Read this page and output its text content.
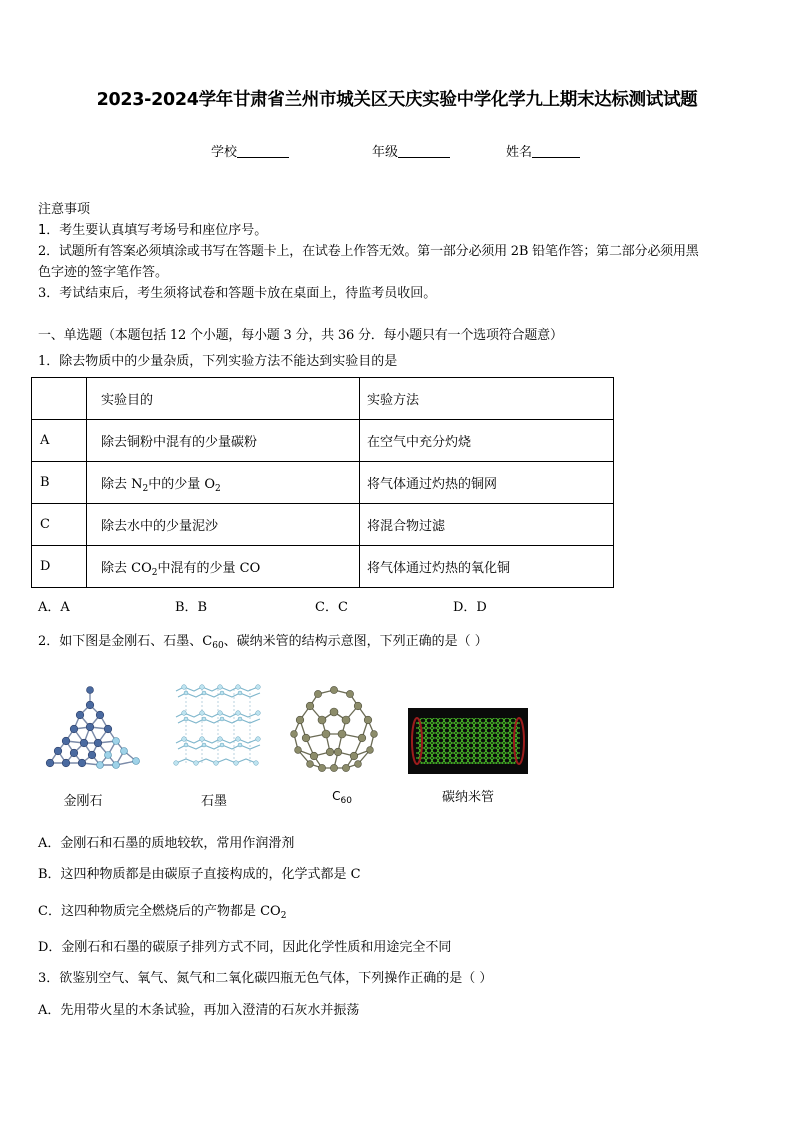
2023-2024学年甘肃省兰州市城关区天庆实验中学化学九上期末达标测试试题
学校	年级	姓名
注意事项
1．考生要认真填写考场号和座位序号。
2．试题所有答案必须填涂或书写在答题卡上，在试卷上作答无效。第一部分必须用 2B 铅笔作答；第二部分必须用黑
色字迹的签字笔作答。
3．考试结束后，考生须将试卷和答题卡放在桌面上，待监考员收回。
一、单选题（本题包括 12 个小题，每小题 3 分，共 36 分．每小题只有一个选项符合题意）
1．除去物质中的少量杂质，下列实验方法不能达到实验目的是
	实验目的	实验方法
A	除去铜粉中混有的少量碳粉	在空气中充分灼烧
B	除去 $N_2$中的少量 $O_2$	将气体通过灼热的铜网
C	除去水中的少量泥沙	将混合物过滤
D	除去 $CO_2$中混有的少量 CO	将气体通过灼热的氧化铜
A．A	B．B	C．C	D．D
2．如下图是金刚石、石墨、$C_{60}$、碳纳米管的结构示意图，下列正确的是（ ）
金刚石	石墨	$C_{60}$	碳纳米管
A．金刚石和石墨的质地较软，常用作润滑剂
B．这四种物质都是由碳原子直接构成的，化学式都是 C
C．这四种物质完全燃烧后的产物都是 $CO_2$
D．金刚石和石墨的碳原子排列方式不同，因此化学性质和用途完全不同
3．欲鉴别空气、氧气、氮气和二氧化碳四瓶无色气体，下列操作正确的是（ ）
A．先用带火星的木条试验，再加入澄清的石灰水并振荡
